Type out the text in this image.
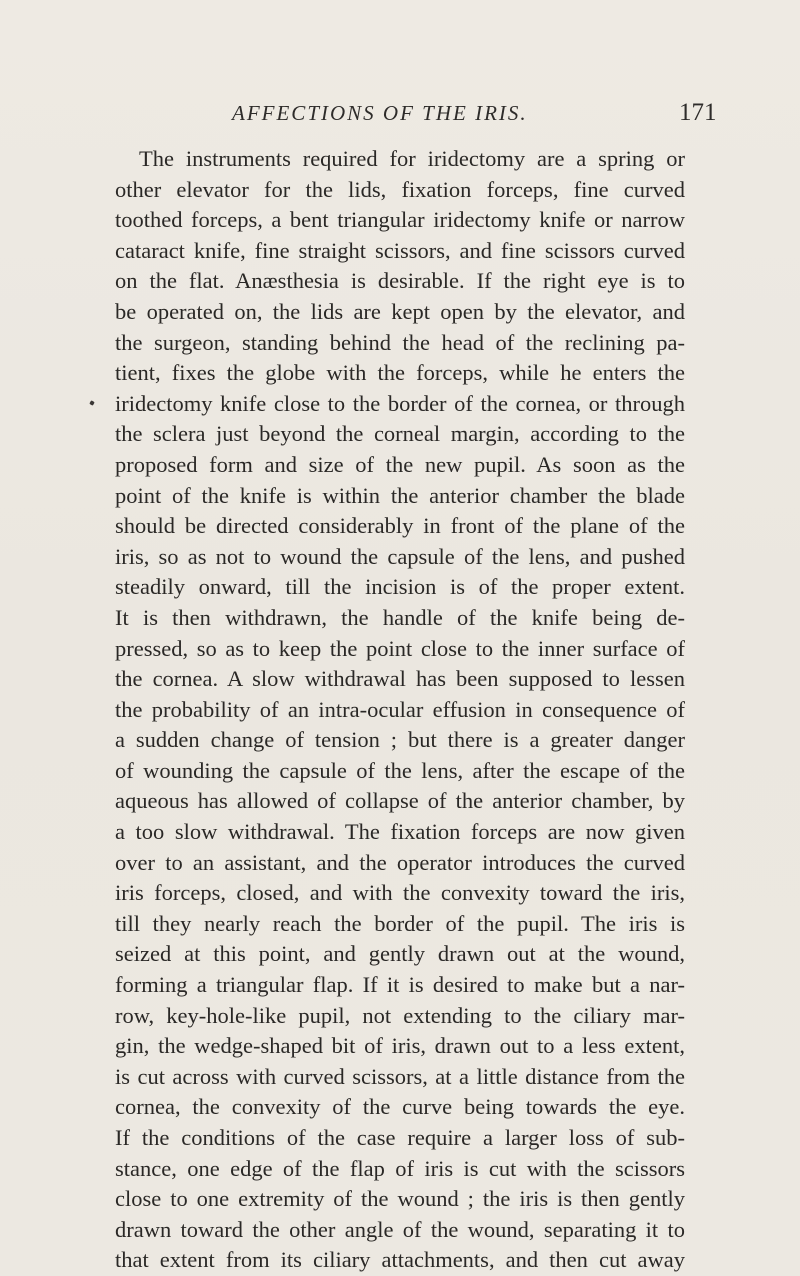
AFFECTIONS OF THE IRIS.	171
The instruments required for iridectomy are a spring or
other elevator for the lids, fixation forceps, fine curved
toothed forceps, a bent triangular iridectomy knife or narrow
cataract knife, fine straight scissors, and fine scissors curved
on the flat. Anæsthesia is desirable. If the right eye is to
be operated on, the lids are kept open by the elevator, and
the surgeon, standing behind the head of the reclining pa-
tient, fixes the globe with the forceps, while he enters the
iridectomy knife close to the border of the cornea, or through
the sclera just beyond the corneal margin, according to the
proposed form and size of the new pupil. As soon as the
point of the knife is within the anterior chamber the blade
should be directed considerably in front of the plane of the
iris, so as not to wound the capsule of the lens, and pushed
steadily onward, till the incision is of the proper extent.
It is then withdrawn, the handle of the knife being de-
pressed, so as to keep the point close to the inner surface of
the cornea. A slow withdrawal has been supposed to lessen
the probability of an intra-ocular effusion in consequence of
a sudden change of tension ; but there is a greater danger
of wounding the capsule of the lens, after the escape of the
aqueous has allowed of collapse of the anterior chamber, by
a too slow withdrawal. The fixation forceps are now given
over to an assistant, and the operator introduces the curved
iris forceps, closed, and with the convexity toward the iris,
till they nearly reach the border of the pupil. The iris is
seized at this point, and gently drawn out at the wound,
forming a triangular flap. If it is desired to make but a nar-
row, key-hole-like pupil, not extending to the ciliary mar-
gin, the wedge-shaped bit of iris, drawn out to a less extent,
is cut across with curved scissors, at a little distance from the
cornea, the convexity of the curve being towards the eye.
If the conditions of the case require a larger loss of sub-
stance, one edge of the flap of iris is cut with the scissors
close to one extremity of the wound ; the iris is then gently
drawn toward the other angle of the wound, separating it to
that extent from its ciliary attachments, and then cut away
